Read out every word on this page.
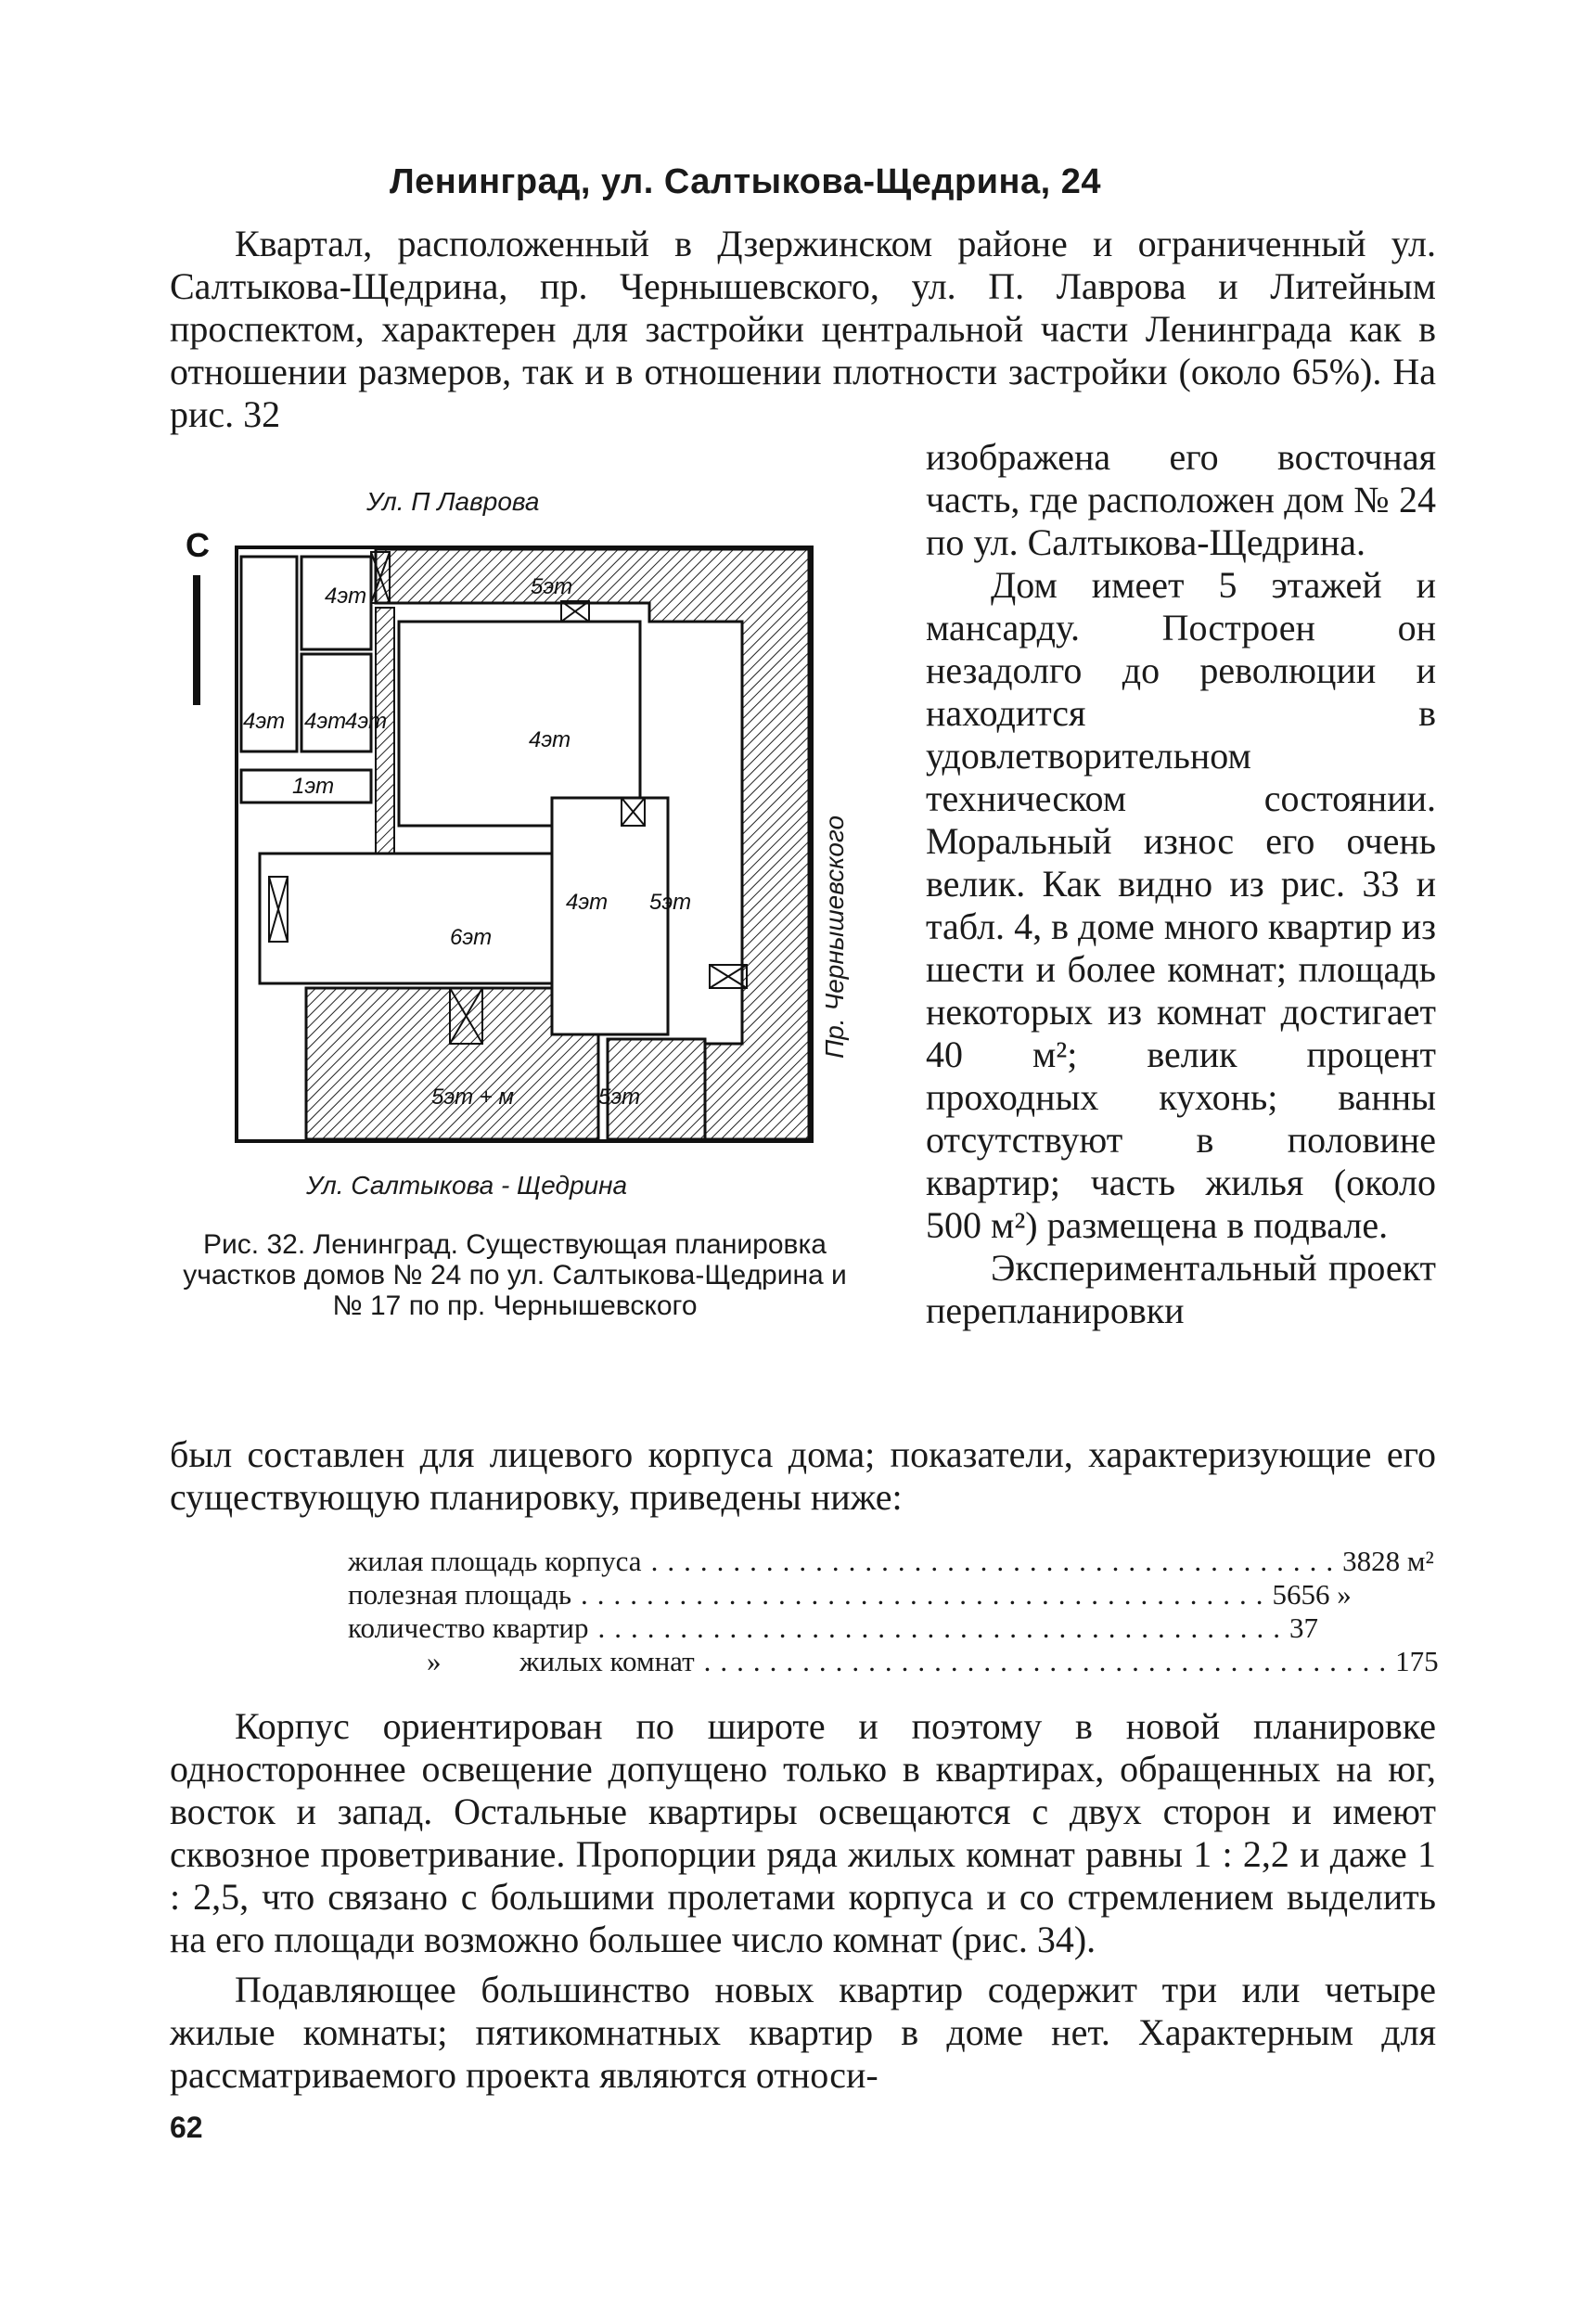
Ленинград, ул. Салтыкова-Щедрина, 24

Квартал, расположенный в Дзержинском районе и ограниченный ул. Салтыкова-Щедрина, пр. Чернышевского, ул. П. Лаврова и Литейным проспектом, характерен для застройки центральной части Ленинграда как в отношении размеров, так и в отношении плотности застройки (около 65%). На рис. 32

изображена его восточная часть, где расположен дом № 24 по ул. Салтыкова-Щедрина.

Дом имеет 5 этажей и мансарду. Построен он незадолго до революции и находится в удовлетворительном техническом состоянии. Моральный износ его очень велик. Как видно из рис. 33 и табл. 4, в доме много квартир из шести и более комнат; площадь некоторых из комнат достигает 40 м²; велик процент проходных кухонь; ванны отсутствуют в половине квартир; часть жилья (около 500 м²) размещена в подвале.

Экспериментальный проект перепланировки

был составлен для лицевого корпуса дома; показатели, характеризующие его существующую планировку, приведены ниже:

Ул. П Лаврова
Пр. Чернышевского
Ул. Салтыкова - Щедрина
С
4эт
4эт 4эт
4эт
1эт
5эт
4эт
4эт 5эт
6эт
5эт + м	5эт
Рис. 32. Ленинград. Существующая планировка участков домов № 24 по ул. Салтыкова-Щедрина и № 17 по пр. Чернышевского
жилая площадь корпуса .......................................... 3828 м²
полезная площадь .......................................... 5656 »
количество квартир .......................................... 37
»	жилых комнат .......................................... 175

Корпус ориентирован по широте и поэтому в новой планировке одностороннее освещение допущено только в квартирах, обращенных на юг, восток и запад. Остальные квартиры освещаются с двух сторон и имеют сквозное проветривание. Пропорции ряда жилых комнат равны 1 : 2,2 и даже 1 : 2,5, что связано с большими пролетами корпуса и со стремлением выделить на его площади возможно большее число комнат (рис. 34).

Подавляющее большинство новых квартир содержит три или четыре жилые комнаты; пятикомнатных квартир в доме нет. Характерным для рассматриваемого проекта являются относи-

62
